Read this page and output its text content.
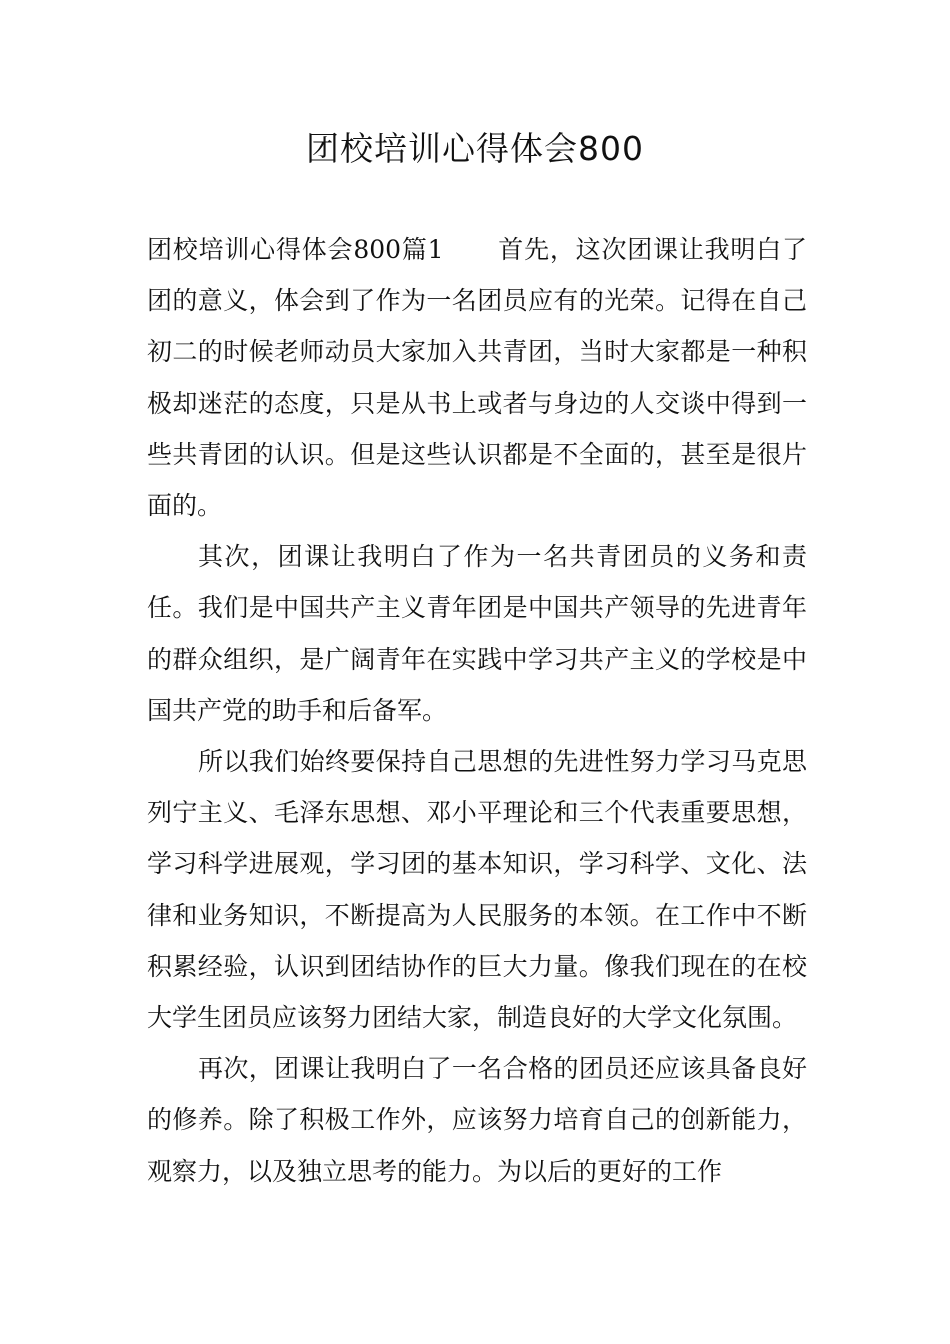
团校培训心得体会800

团校培训心得体会800篇1 首先，这次团课让我明白了团的意义，体会到了作为一名团员应有的光荣。记得在自己初二的时候老师动员大家加入共青团，当时大家都是一种积极却迷茫的态度，只是从书上或者与身边的人交谈中得到一些共青团的认识。但是这些认识都是不全面的，甚至是很片面的。

其次，团课让我明白了作为一名共青团员的义务和责任。我们是中国共产主义青年团是中国共产领导的先进青年的群众组织，是广阔青年在实践中学习共产主义的学校是中国共产党的助手和后备军。

所以我们始终要保持自己思想的先进性努力学习马克思列宁主义、毛泽东思想、邓小平理论和三个代表重要思想，学习科学进展观，学习团的基本知识，学习科学、文化、法律和业务知识，不断提高为人民服务的本领。在工作中不断积累经验，认识到团结协作的巨大力量。像我们现在的在校大学生团员应该努力团结大家，制造良好的大学文化氛围。

再次，团课让我明白了一名合格的团员还应该具备良好的修养。除了积极工作外，应该努力培育自己的创新能力，观察力，以及独立思考的能力。为以后的更好的工作
